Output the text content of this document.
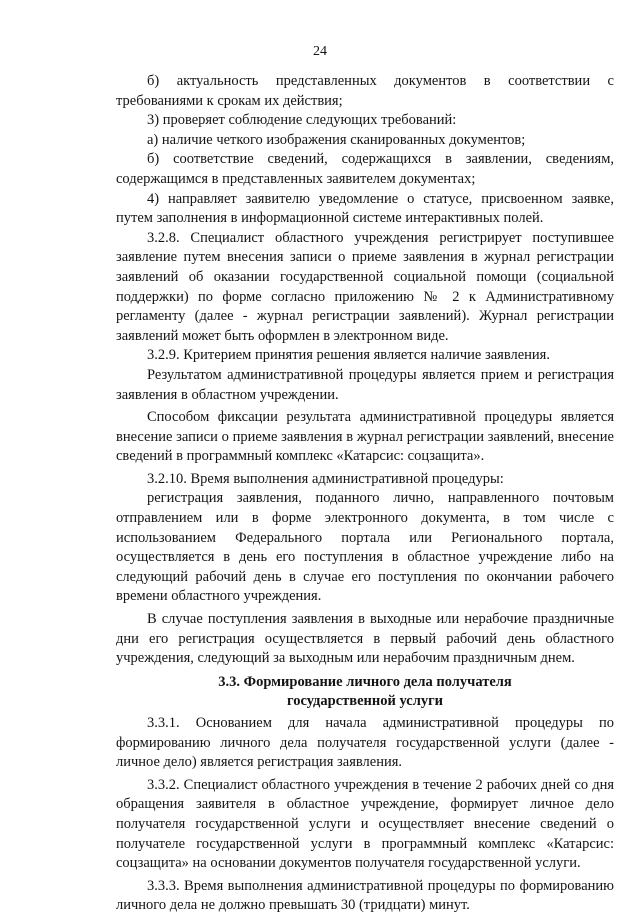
24

б) актуальность представленных документов в соответствии с требованиями к срокам их действия;

3) проверяет соблюдение следующих требований:

а) наличие четкого изображения сканированных документов;

б) соответствие сведений, содержащихся в заявлении, сведениям, содержащимся в представленных заявителем документах;

4) направляет заявителю уведомление о статусе, присвоенном заявке, путем заполнения в информационной системе интерактивных полей.

3.2.8. Специалист областного учреждения регистрирует поступившее заявление путем внесения записи о приеме заявления в журнал регистрации заявлений об оказании государственной социальной помощи (социальной поддержки) по форме согласно приложению № 2 к Административному регламенту (далее - журнал регистрации заявлений). Журнал регистрации заявлений может быть оформлен в электронном виде.

3.2.9. Критерием принятия решения является наличие заявления.

Результатом административной процедуры является прием и регистрация заявления в областном учреждении.

Способом фиксации результата административной процедуры является внесение записи о приеме заявления в журнал регистрации заявлений, внесение сведений в программный комплекс «Катарсис: соцзащита».

3.2.10. Время выполнения административной процедуры:

регистрация заявления, поданного лично, направленного почтовым отправлением или в форме электронного документа, в том числе с использованием Федерального портала или Регионального портала, осуществляется в день его поступления в областное учреждение либо на следующий рабочий день в случае его поступления по окончании рабочего времени областного учреждения.

В случае поступления заявления в выходные или нерабочие праздничные дни его регистрация осуществляется в первый рабочий день областного учреждения, следующий за выходным или нерабочим праздничным днем.

3.3. Формирование личного дела получателя
государственной услуги

3.3.1. Основанием для начала административной процедуры по формированию личного дела получателя государственной услуги (далее - личное дело) является регистрация заявления.

3.3.2. Специалист областного учреждения в течение 2 рабочих дней со дня обращения заявителя в областное учреждение, формирует личное дело получателя государственной услуги и осуществляет внесение сведений о получателе государственной услуги в программный комплекс «Катарсис: соцзащита» на основании документов получателя государственной услуги.

3.3.3. Время выполнения административной процедуры по формированию личного дела не должно превышать 30 (тридцати) минут.
